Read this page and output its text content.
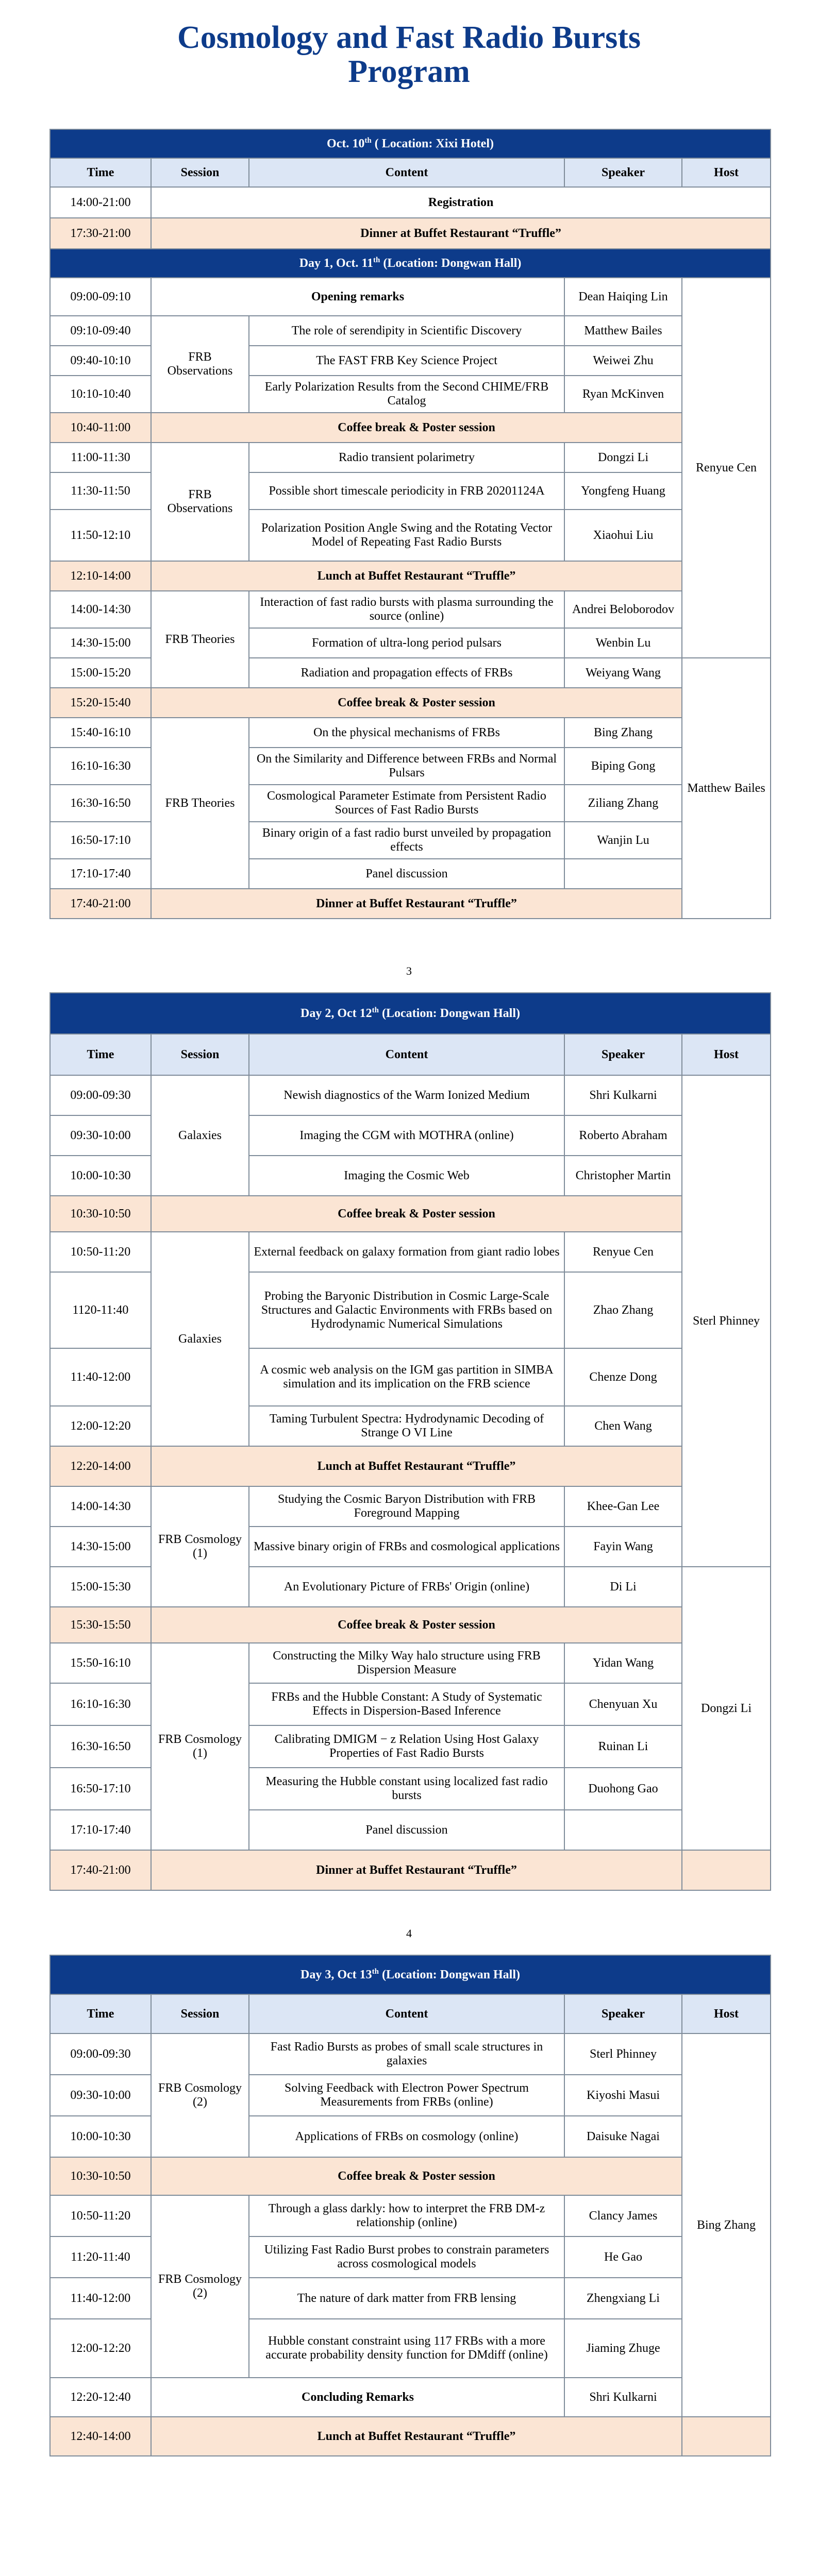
Cosmology and Fast Radio Bursts
Program
Oct. 10th ( Location: Xixi Hotel)					
Time	Session	Content	Speaker	Host	
14:00-21:00	Registration				
17:30-21:00	Dinner at Buffet Restaurant “Truffle”				
Day 1, Oct. 11th (Location: Dongwan Hall)					
09:00-09:10	Opening remarks		Dean Haiqing Lin	Renyue Cen	
09:10-09:40	FRB Observations	The role of serendipity in Scientific Discovery	Matthew Bailes		
09:40-10:10		The FAST FRB Key Science Project	Weiwei Zhu		
10:10-10:40		Early Polarization Results from the Second CHIME/FRB Catalog	Ryan McKinven		
10:40-11:00	Coffee break & Poster session				
11:00-11:30	FRB Observations	Radio transient polarimetry	Dongzi Li		
11:30-11:50		Possible short timescale periodicity in FRB 20201124A	Yongfeng Huang		
11:50-12:10		Polarization Position Angle Swing and the Rotating Vector Model of Repeating Fast Radio Bursts	Xiaohui Liu		
12:10-14:00	Lunch at Buffet Restaurant “Truffle”				
14:00-14:30	FRB Theories	Interaction of fast radio bursts with plasma surrounding the source (online)	Andrei Beloborodov		
14:30-15:00		Formation of ultra-long period pulsars	Wenbin Lu		
15:00-15:20		Radiation and propagation effects of FRBs	Weiyang Wang	Matthew Bailes	
15:20-15:40	Coffee break & Poster session				
15:40-16:10	FRB Theories	On the physical mechanisms of FRBs	Bing Zhang		
16:10-16:30		On the Similarity and Difference between FRBs and Normal Pulsars	Biping Gong		
16:30-16:50		Cosmological Parameter Estimate from Persistent Radio Sources of Fast Radio Bursts	Ziliang Zhang		
16:50-17:10		Binary origin of a fast radio burst unveiled by propagation effects	Wanjin Lu		
17:10-17:40		Panel discussion			
17:40-21:00	Dinner at Buffet Restaurant “Truffle”				
3
Day 2, Oct 12th (Location: Dongwan Hall)				
Time	Session	Content	Speaker	Host
09:00-09:30	Galaxies	Newish diagnostics of the Warm Ionized Medium	Shri Kulkarni	Sterl Phinney
09:30-10:00		Imaging the CGM with MOTHRA (online)	Roberto Abraham	
10:00-10:30		Imaging the Cosmic Web	Christopher Martin	
10:30-10:50	Coffee break & Poster session			
10:50-11:20	Galaxies	External feedback on galaxy formation from giant radio lobes	Renyue Cen	
1120-11:40		Probing the Baryonic Distribution in Cosmic Large-Scale Structures and Galactic Environments with FRBs based on Hydrodynamic Numerical Simulations	Zhao Zhang	
11:40-12:00		A cosmic web analysis on the IGM gas partition in SIMBA simulation and its implication on the FRB science	Chenze Dong	
12:00-12:20		Taming Turbulent Spectra: Hydrodynamic Decoding of Strange O VI Line	Chen Wang	
12:20-14:00	Lunch at Buffet Restaurant “Truffle”			
14:00-14:30	FRB Cosmology (1)	Studying the Cosmic Baryon Distribution with FRB Foreground Mapping	Khee-Gan Lee	
14:30-15:00		Massive binary origin of FRBs and cosmological applications	Fayin Wang	
15:00-15:30		An Evolutionary Picture of FRBs' Origin (online)	Di Li	Dongzi Li
15:30-15:50	Coffee break & Poster session			
15:50-16:10	FRB Cosmology (1)	Constructing the Milky Way halo structure using FRB Dispersion Measure	Yidan Wang	
16:10-16:30		FRBs and the Hubble Constant: A Study of Systematic Effects in Dispersion-Based Inference	Chenyuan Xu	
16:30-16:50		Calibrating DMIGM − z Relation Using Host Galaxy Properties of Fast Radio Bursts	Ruinan Li	
16:50-17:10		Measuring the Hubble constant using localized fast radio bursts	Duohong Gao	
17:10-17:40		Panel discussion		
17:40-21:00	Dinner at Buffet Restaurant “Truffle”			
4
Day 3, Oct 13th (Location: Dongwan Hall)				
Time	Session	Content	Speaker	Host
09:00-09:30	FRB Cosmology (2)	Fast Radio Bursts as probes of small scale structures in galaxies	Sterl Phinney	Bing Zhang
09:30-10:00		Solving Feedback with Electron Power Spectrum Measurements from FRBs (online)	Kiyoshi Masui	
10:00-10:30		Applications of FRBs on cosmology (online)	Daisuke Nagai	
10:30-10:50	Coffee break & Poster session			
10:50-11:20	FRB Cosmology (2)	Through a glass darkly: how to interpret the FRB DM-z relationship (online)	Clancy James	
11:20-11:40		Utilizing Fast Radio Burst probes to constrain parameters across cosmological models	He Gao	
11:40-12:00		The nature of dark matter from FRB lensing	Zhengxiang Li	
12:00-12:20		Hubble constant constraint using 117 FRBs with a more accurate probability density function for DMdiff (online)	Jiaming Zhuge	
12:20-12:40	Concluding Remarks		Shri Kulkarni	
12:40-14:00	Lunch at Buffet Restaurant “Truffle”			
